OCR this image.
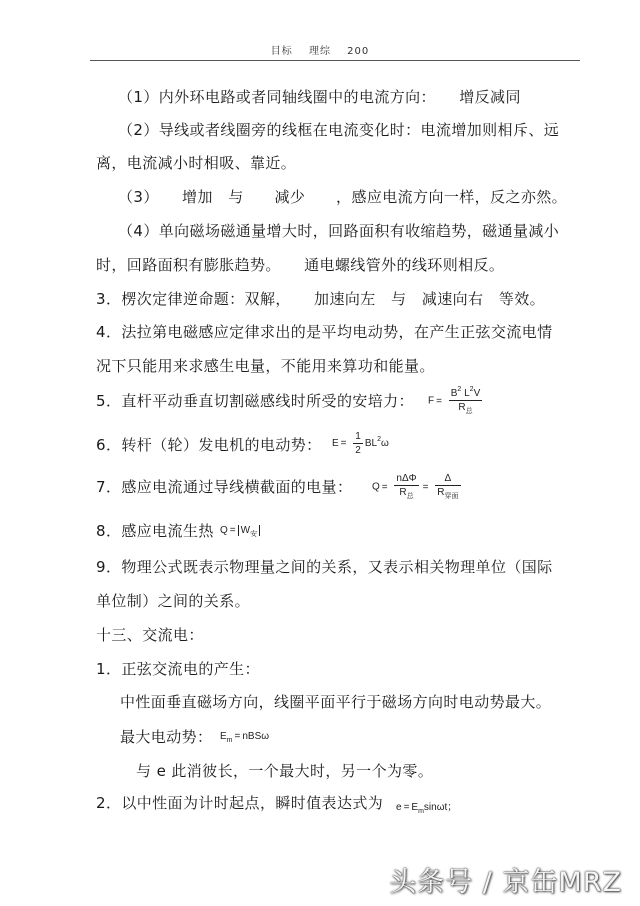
目标 理综 200
（1）内外环电路或者同轴线圈中的电流方向：　　增反减同
（2）导线或者线圈旁的线框在电流变化时：电流增加则相斥、远
离，电流减小时相吸、靠近。
（3）　　增加　与　　减少　　，感应电流方向一样，反之亦然。
（4）单向磁场磁通量增大时，回路面积有收缩趋势，磁通量减小
时，回路面积有膨胀趋势。　　通电螺线管外的线环则相反。
3．楞次定律逆命题：双解，　　加速向左　与　减速向右　等效。
4．法拉第电磁感应定律求出的是平均电动势，在产生正弦交流电情
况下只能用来求感生电量，不能用来算功和能量。
5．直杆平动垂直切割磁感线时所受的安培力： $F = \frac{B^2 L^2V}{R_总}$
6．转杆（轮）发电机的电动势： $E = \frac{1}{2} BL^2\omega$
7．感应电流通过导线横截面的电量： $Q = \frac{\text{nΔΦ}}{R_总} = \frac{\Delta}{R_{穿面}}$
8．感应电流生热 $Q = W_安$
9．物理公式既表示物理量之间的关系，又表示相关物理单位（国际
单位制）之间的关系。
十三、交流电：
1．正弦交流电的产生：
中性面垂直磁场方向，线圈平面平行于磁场方向时电动势最大。
最大电动势： $E_m = nBS\omega$
与 e 此消彼长，一个最大时，另一个为零。
2．以中性面为计时起点，瞬时值表达式为 $e = E_m\sin\omega t$；
头条号 / 京缶MRZ
